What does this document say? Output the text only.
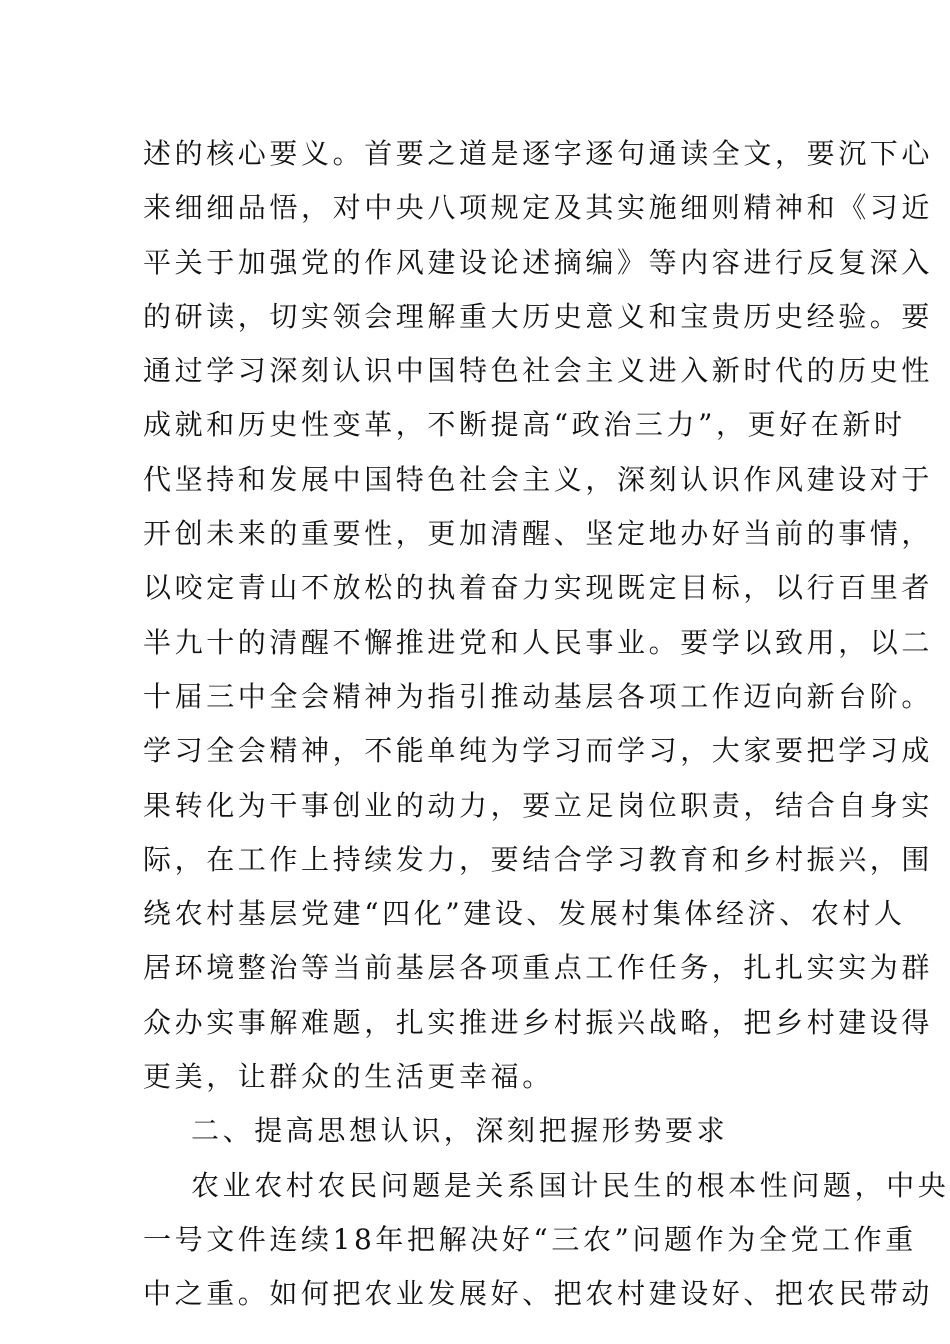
述的核心要义。首要之道是逐字逐句通读全文，要沉下心
来细细品悟，对中央八项规定及其实施细则精神和《习近
平关于加强党的作风建设论述摘编》等内容进行反复深入
的研读，切实领会理解重大历史意义和宝贵历史经验。要
通过学习深刻认识中国特色社会主义进入新时代的历史性
成就和历史性变革，不断提高“政治三力”，更好在新时
代坚持和发展中国特色社会主义，深刻认识作风建设对于
开创未来的重要性，更加清醒、坚定地办好当前的事情，
以咬定青山不放松的执着奋力实现既定目标，以行百里者
半九十的清醒不懈推进党和人民事业。要学以致用，以二
十届三中全会精神为指引推动基层各项工作迈向新台阶。
学习全会精神，不能单纯为学习而学习，大家要把学习成
果转化为干事创业的动力，要立足岗位职责，结合自身实
际，在工作上持续发力，要结合学习教育和乡村振兴，围
绕农村基层党建“四化”建设、发展村集体经济、农村人
居环境整治等当前基层各项重点工作任务，扎扎实实为群
众办实事解难题，扎实推进乡村振兴战略，把乡村建设得
更美，让群众的生活更幸福。
二、提高思想认识，深刻把握形势要求
农业农村农民问题是关系国计民生的根本性问题，中央
一号文件连续18年把解决好“三农”问题作为全党工作重
中之重。如何把农业发展好、把农村建设好、把农民带动
